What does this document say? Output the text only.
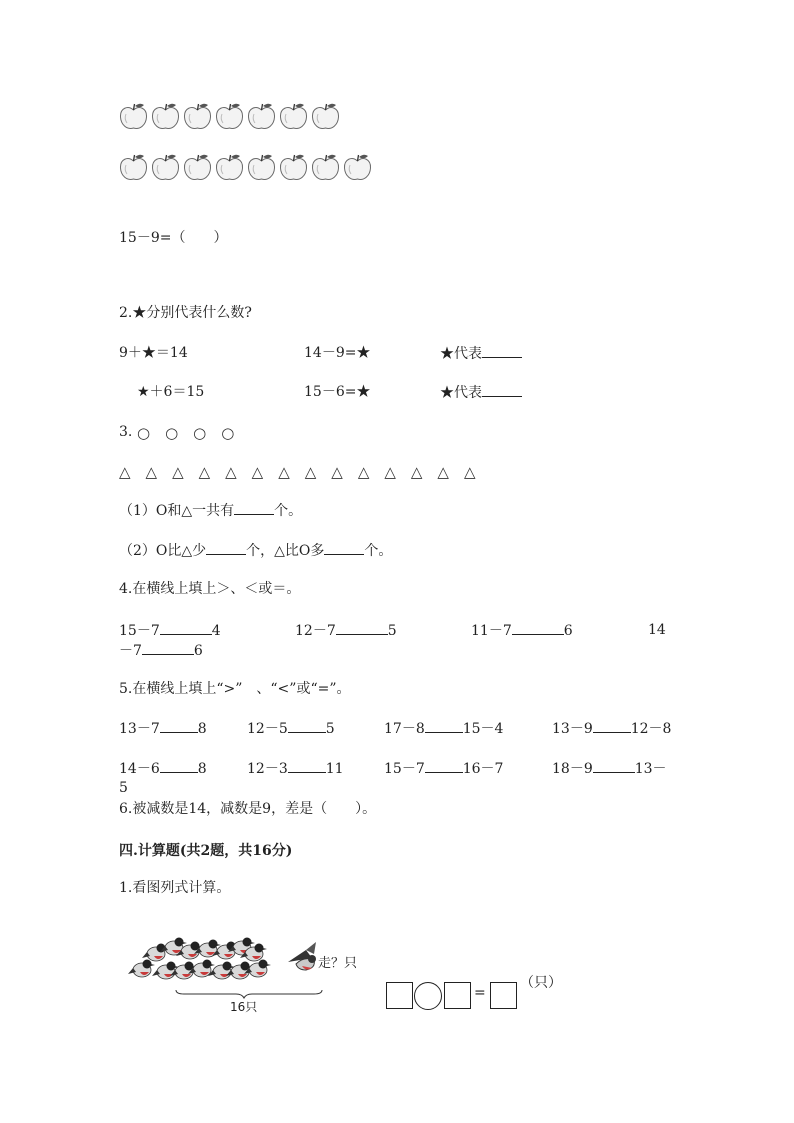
15－9=（　　）
2.★分别代表什么数?
9＋★＝14	14－9=★	★代表
★＋6＝15	15－6=★	★代表
3. ○　○　○　○
△　△　△　△　△　△　△　△　△　△　△　△　△　△
（1）O和△一共有	个。
（2）O比△少	个，△比O多	个。
4.在横线上填上＞、＜或＝。
15－7	4	12－7	5	11－7	6	14
－7	6
5.在横线上填上“>”　、“<”或“=”。
13－7	8	12－5	5	17－8	15－4	13－9	12－8
14－6	8	12－3	11	15－7	16－7	18－9	13－
5
6.被减数是14，减数是9，差是（　　）。
四.计算题(共2题，共16分)
1.看图列式计算。
16只
走？只
=
（只）
